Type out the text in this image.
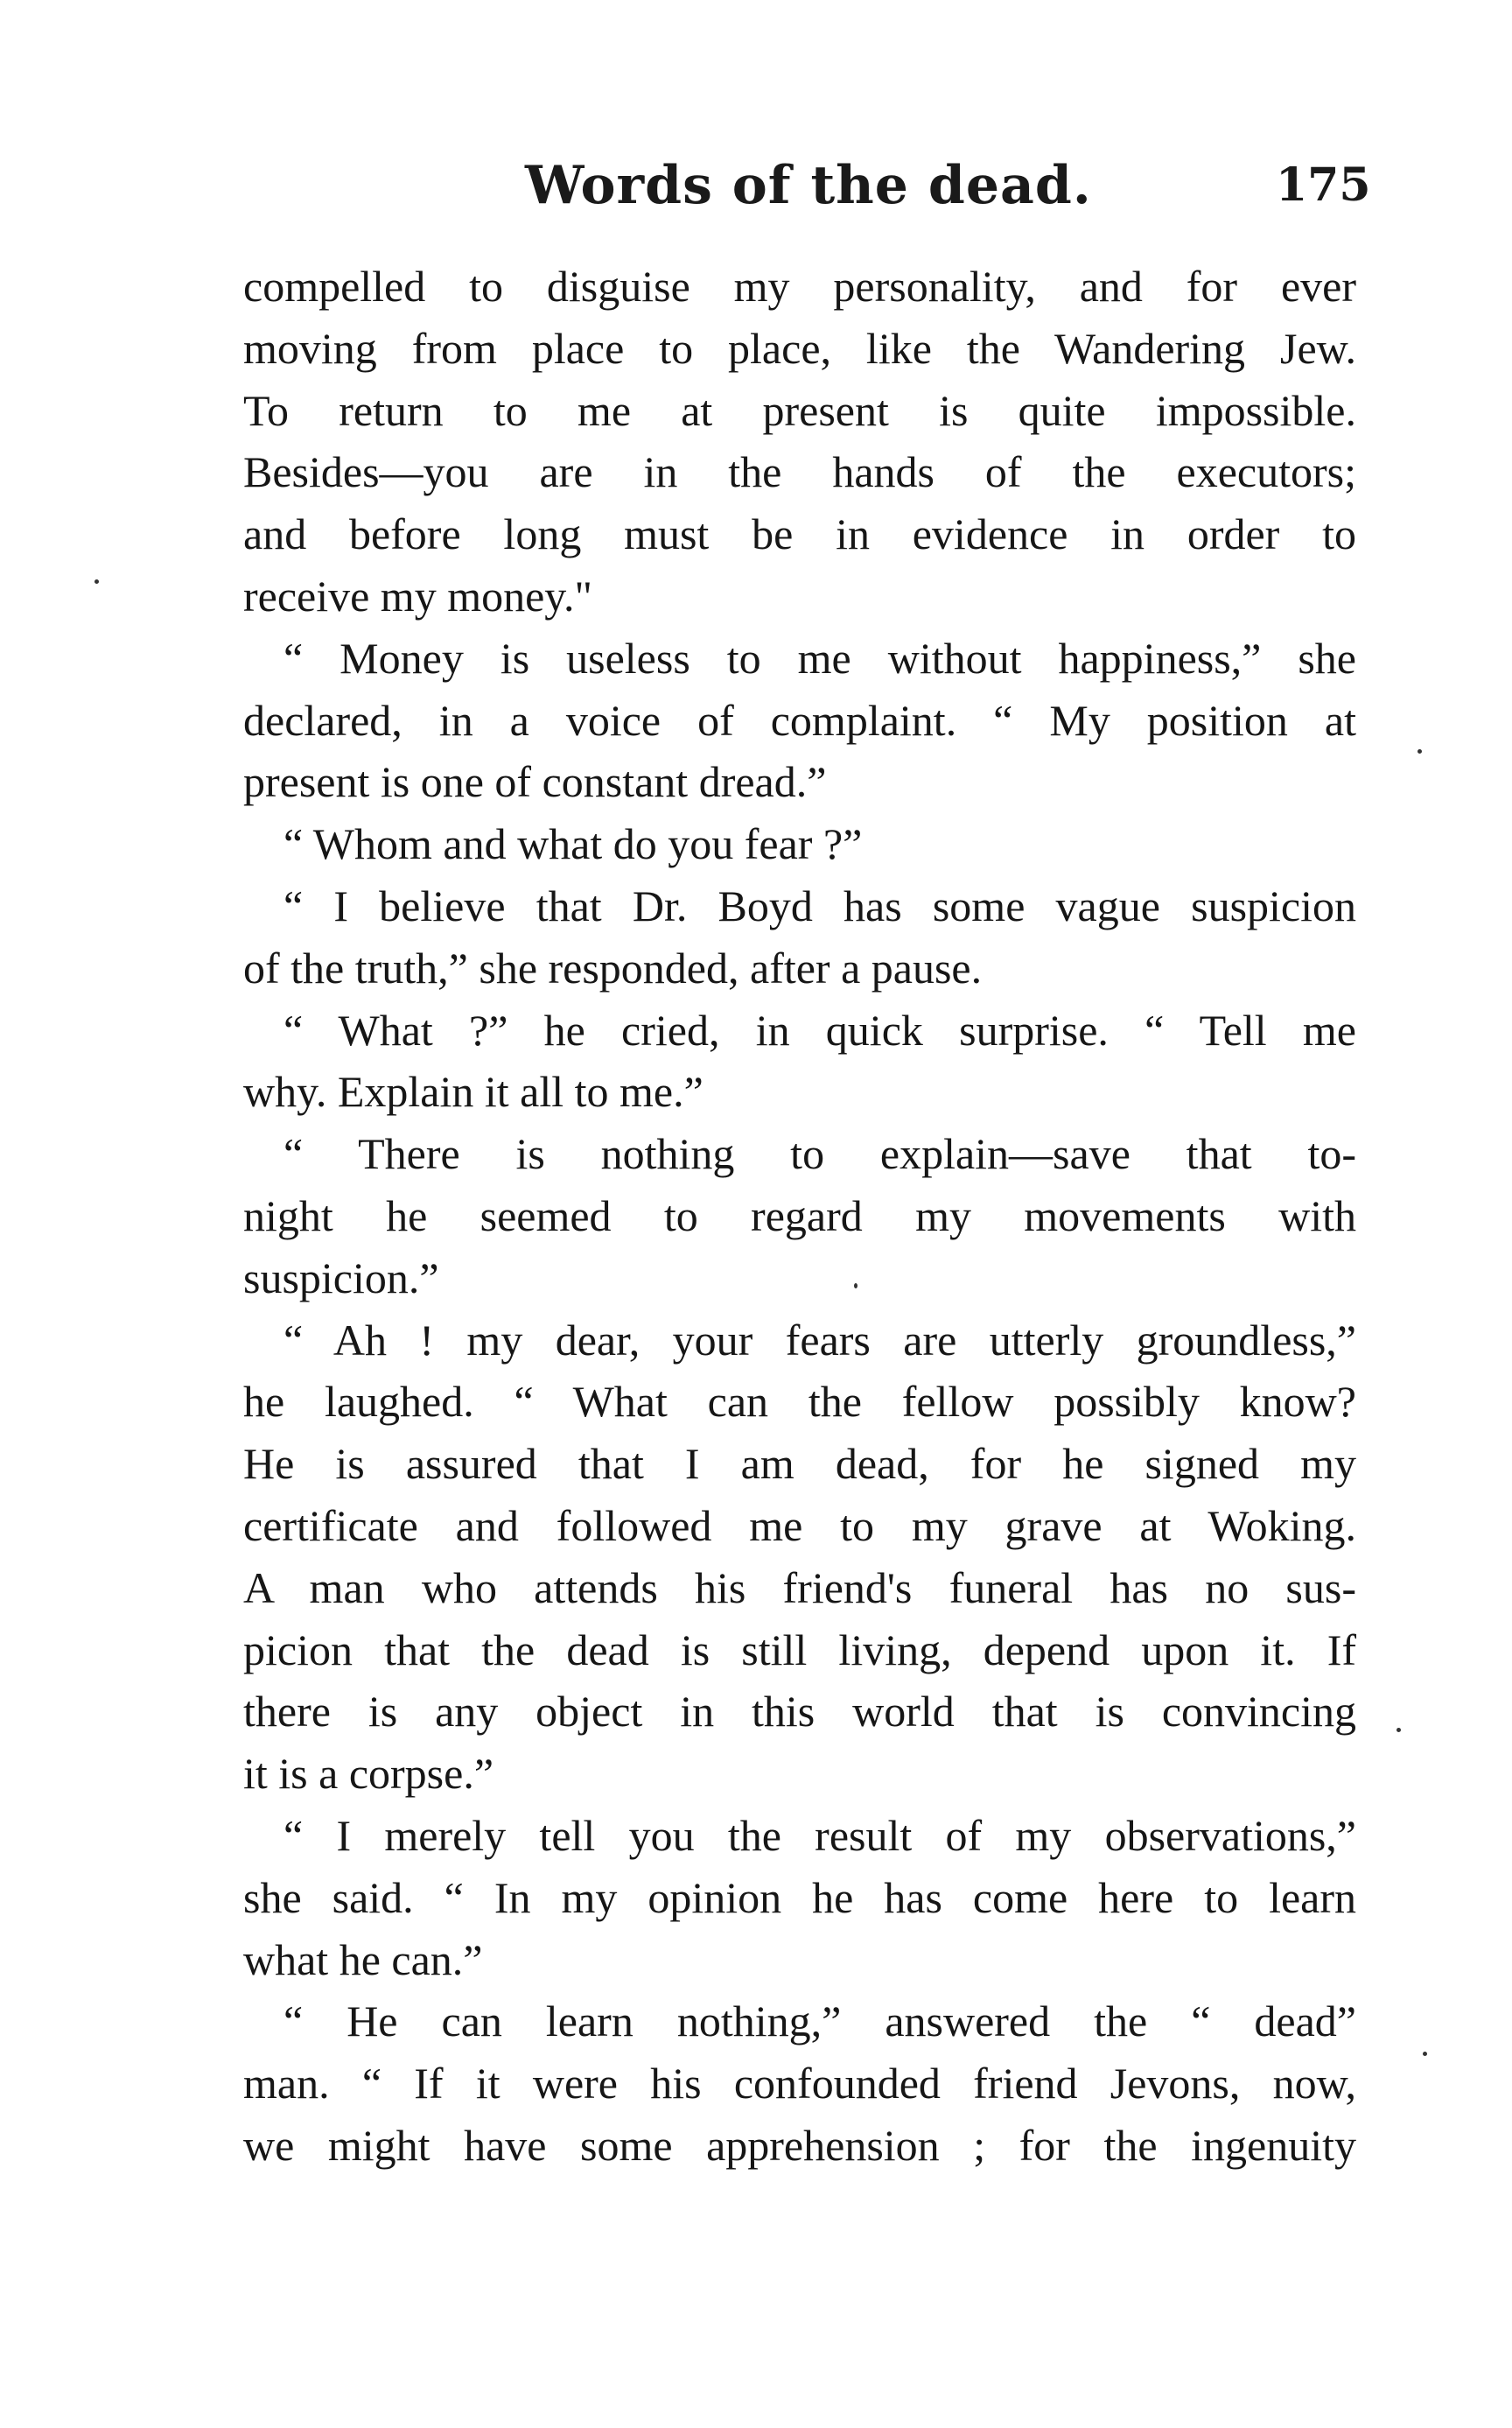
Words of the dead.	175
compelled to disguise my personality, and for ever
moving from place to place, like the Wandering Jew.
To return to me at present is quite impossible.
Besides—you are in the hands of the executors;
and before long must be in evidence in order to
receive my money."
“ Money is useless to me without happiness,” she
declared, in a voice of complaint. “ My position at
present is one of constant dread.”
“ Whom and what do you fear ?”
“ I believe that Dr. Boyd has some vague suspicion
of the truth,” she responded, after a pause.
“ What ?” he cried, in quick surprise. “ Tell me
why. Explain it all to me.”
“ There is nothing to explain—save that to-
night he seemed to regard my movements with
suspicion.”
“ Ah ! my dear, your fears are utterly groundless,”
he laughed. “ What can the fellow possibly know?
He is assured that I am dead, for he signed my
certificate and followed me to my grave at Woking.
A man who attends his friend's funeral has no sus-
picion that the dead is still living, depend upon it. If
there is any object in this world that is convincing
it is a corpse.”
“ I merely tell you the result of my observations,”
she said. “ In my opinion he has come here to learn
what he can.”
“ He can learn nothing,” answered the “ dead”
man. “ If it were his confounded friend Jevons, now,
we might have some apprehension ; for the ingenuity
